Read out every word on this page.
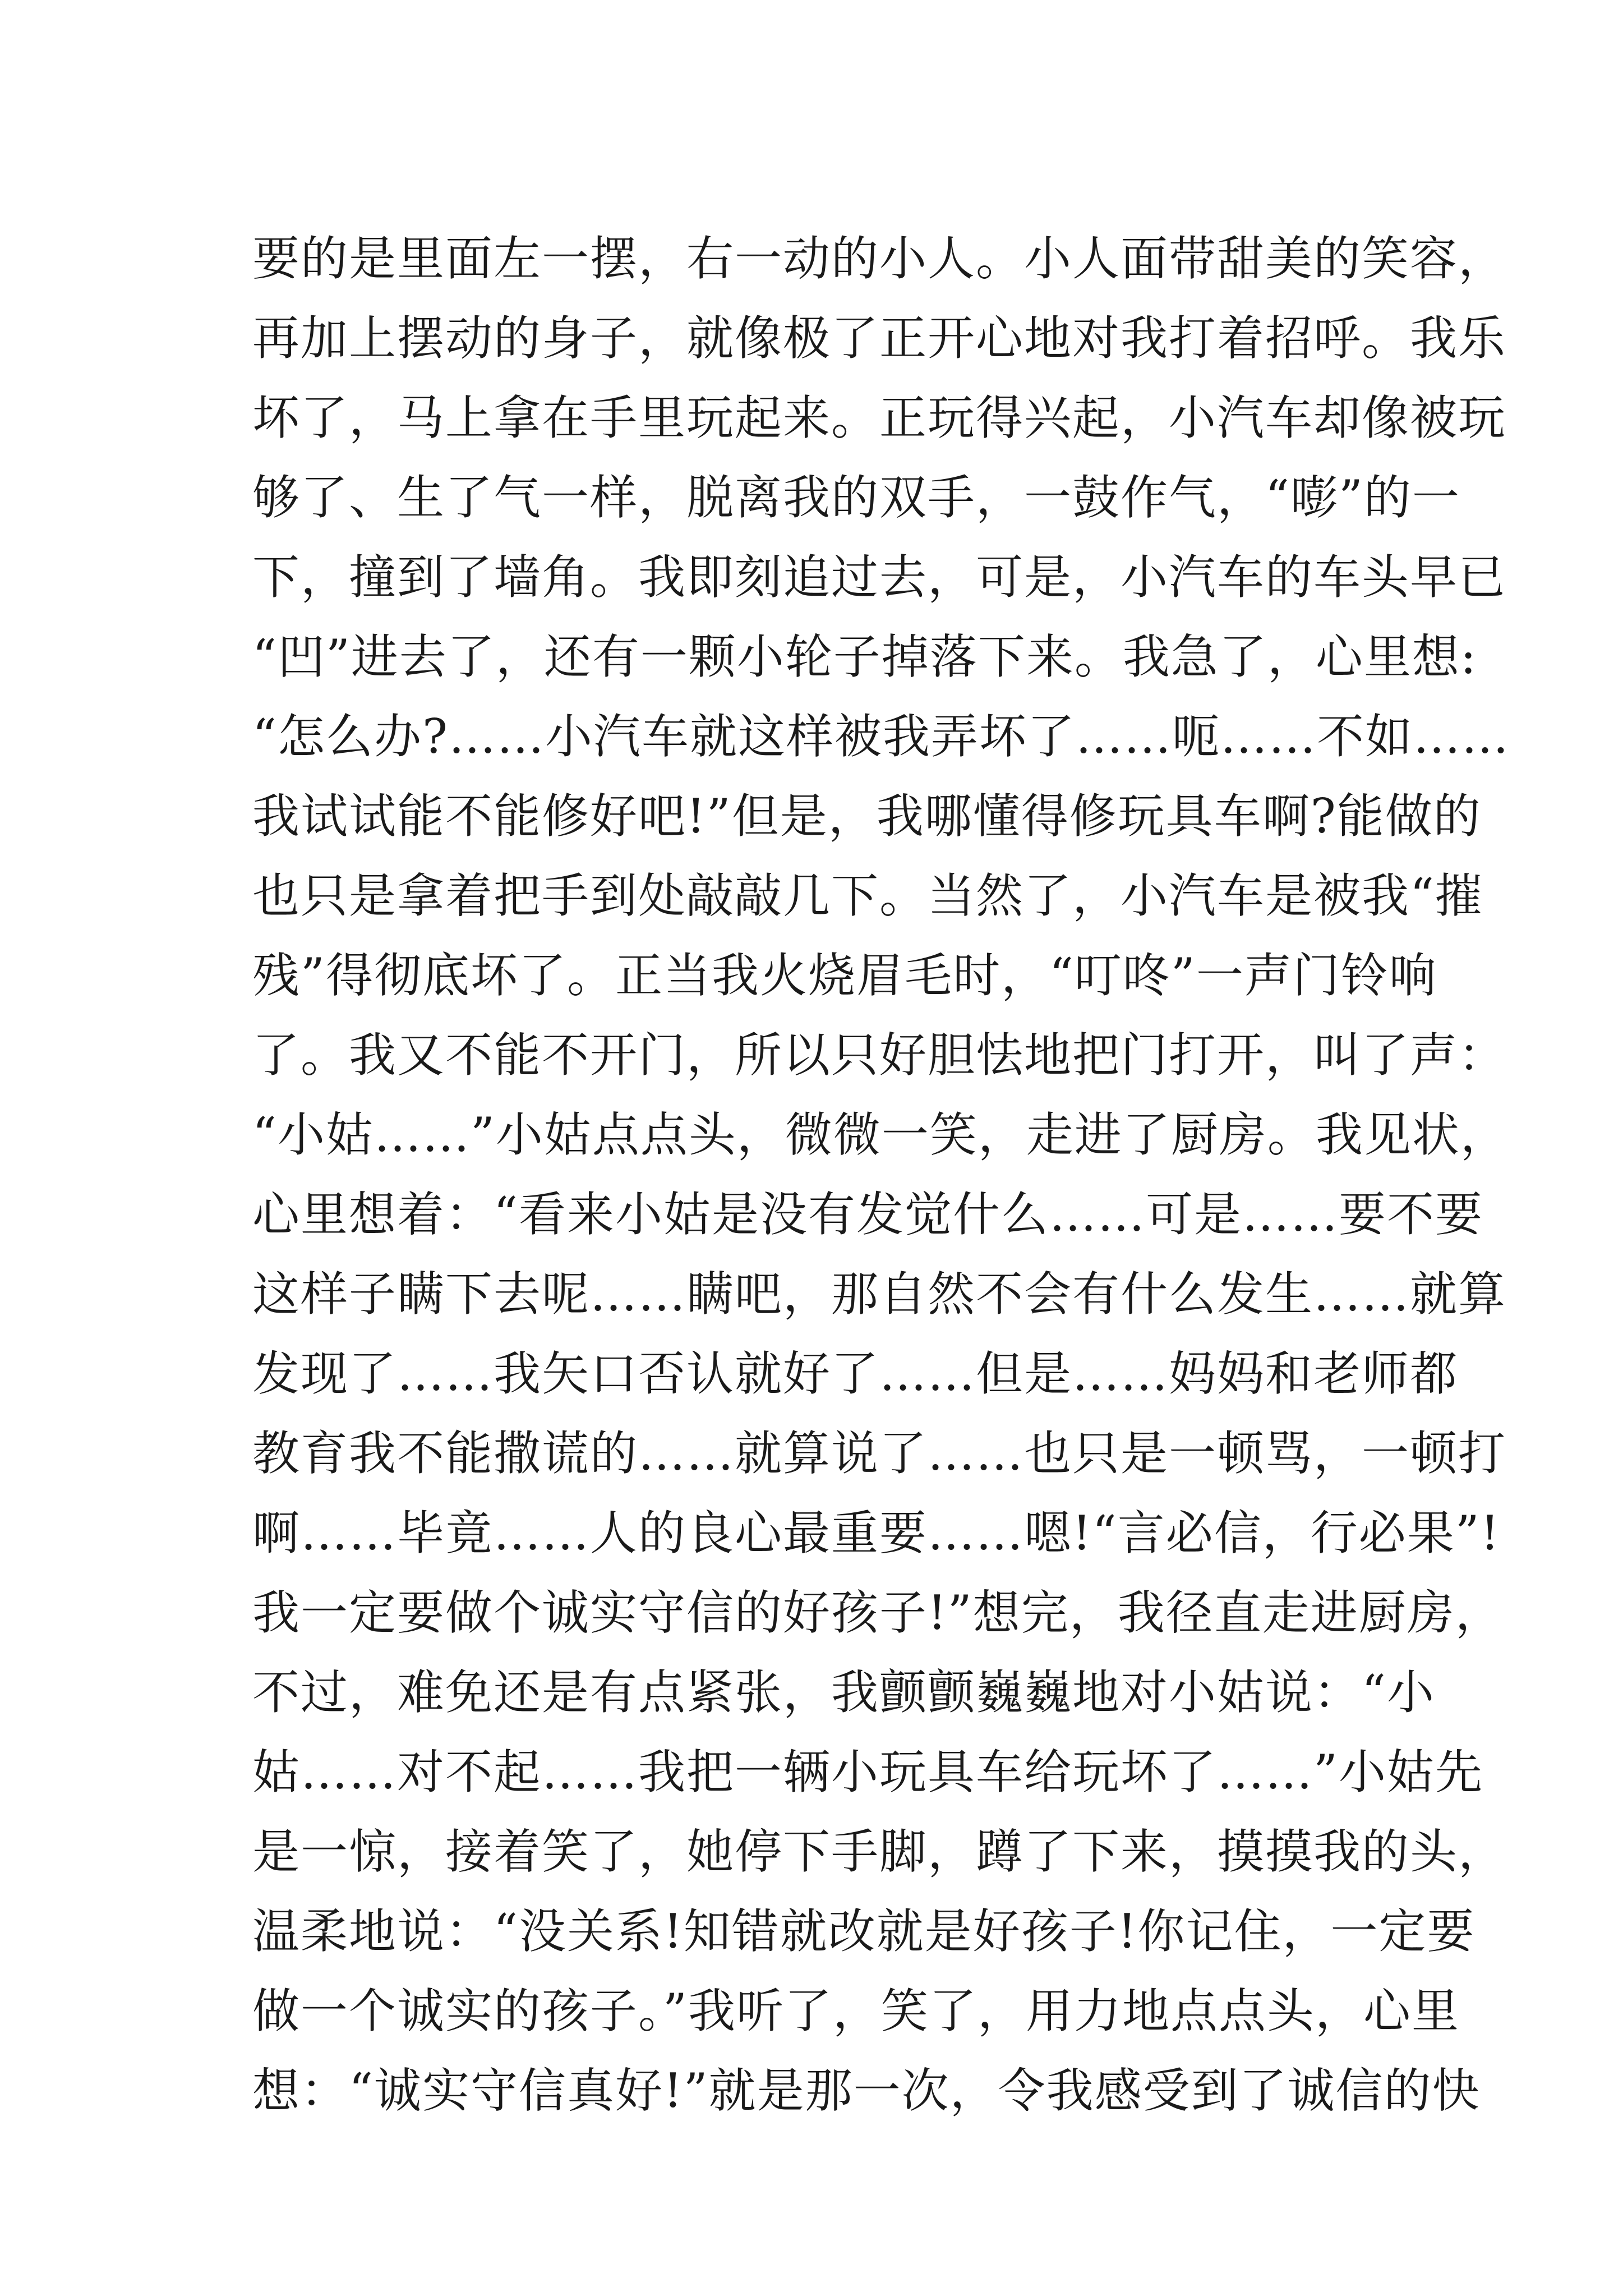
要的是里面左一摆，右一动的小人。小人面带甜美的笑容，
再加上摆动的身子，就像极了正开心地对我打着招呼。我乐
坏了，马上拿在手里玩起来。正玩得兴起，小汽车却像被玩
够了、生了气一样，脱离我的双手，一鼓作气，“嘭”的一
下，撞到了墙角。我即刻追过去，可是，小汽车的车头早已
“凹”进去了，还有一颗小轮子掉落下来。我急了，心里想:
“怎么办?……小汽车就这样被我弄坏了……呃……不如……
我试试能不能修好吧!”但是，我哪懂得修玩具车啊?能做的
也只是拿着把手到处敲敲几下。当然了，小汽车是被我“摧
残”得彻底坏了。正当我火烧眉毛时，“叮咚”一声门铃响
了。我又不能不开门，所以只好胆怯地把门打开，叫了声：
“小姑……”小姑点点头，微微一笑，走进了厨房。我见状，
心里想着：“看来小姑是没有发觉什么……可是……要不要
这样子瞒下去呢……瞒吧，那自然不会有什么发生……就算
发现了……我矢口否认就好了……但是……妈妈和老师都
教育我不能撒谎的……就算说了……也只是一顿骂，一顿打
啊……毕竟……人的良心最重要……嗯!“言必信，行必果”!
我一定要做个诚实守信的好孩子!”想完，我径直走进厨房，
不过，难免还是有点紧张，我颤颤巍巍地对小姑说：“小
姑……对不起……我把一辆小玩具车给玩坏了……”小姑先
是一惊，接着笑了，她停下手脚，蹲了下来，摸摸我的头，
温柔地说：“没关系!知错就改就是好孩子!你记住，一定要
做一个诚实的孩子。”我听了，笑了，用力地点点头，心里
想：“诚实守信真好!”就是那一次，令我感受到了诚信的快
